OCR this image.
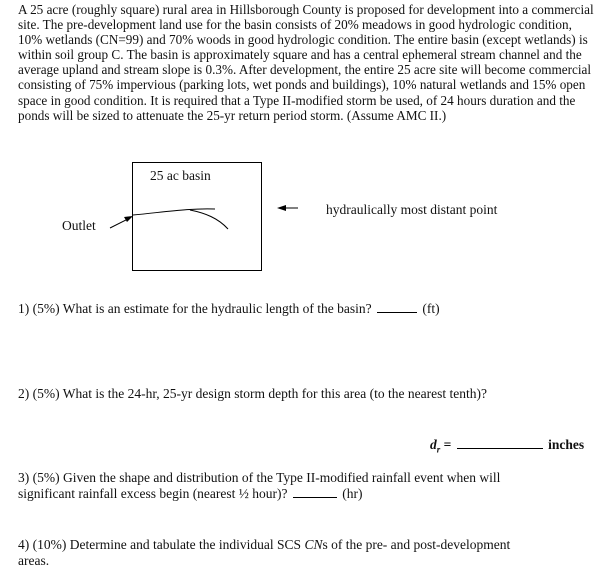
A 25 acre (roughly square) rural area in Hillsborough County is proposed for development into a commercial site. The pre-development land use for the basin consists of 20% meadows in good hydrologic condition, 10% wetlands (CN=99) and 70% woods in good hydrologic condition. The entire basin (except wetlands) is within soil group C. The basin is approximately square and has a central ephemeral stream channel and the average upland and stream slope is 0.3%. After development, the entire 25 acre site will become commercial consisting of 75% impervious (parking lots, wet ponds and buildings), 10% natural wetlands and 15% open space in good condition. It is required that a Type II-modified storm be used, of 24 hours duration and the ponds will be sized to attenuate the 25-yr return period storm. (Assume AMC II.)

25 ac basin
Outlet
hydraulically most distant point

1) (5%) What is an estimate for the hydraulic length of the basin?	(ft)

2) (5%) What is the 24-hr, 25-yr design storm depth for this area (to the nearest tenth)?

$d_r$ =	inches

3) (5%) Given the shape and distribution of the Type II-modified rainfall event when will

significant rainfall excess begin (nearest ½ hour)?	(hr)

4) (10%) Determine and tabulate the individual SCS CNs of the pre- and post-development

areas.
